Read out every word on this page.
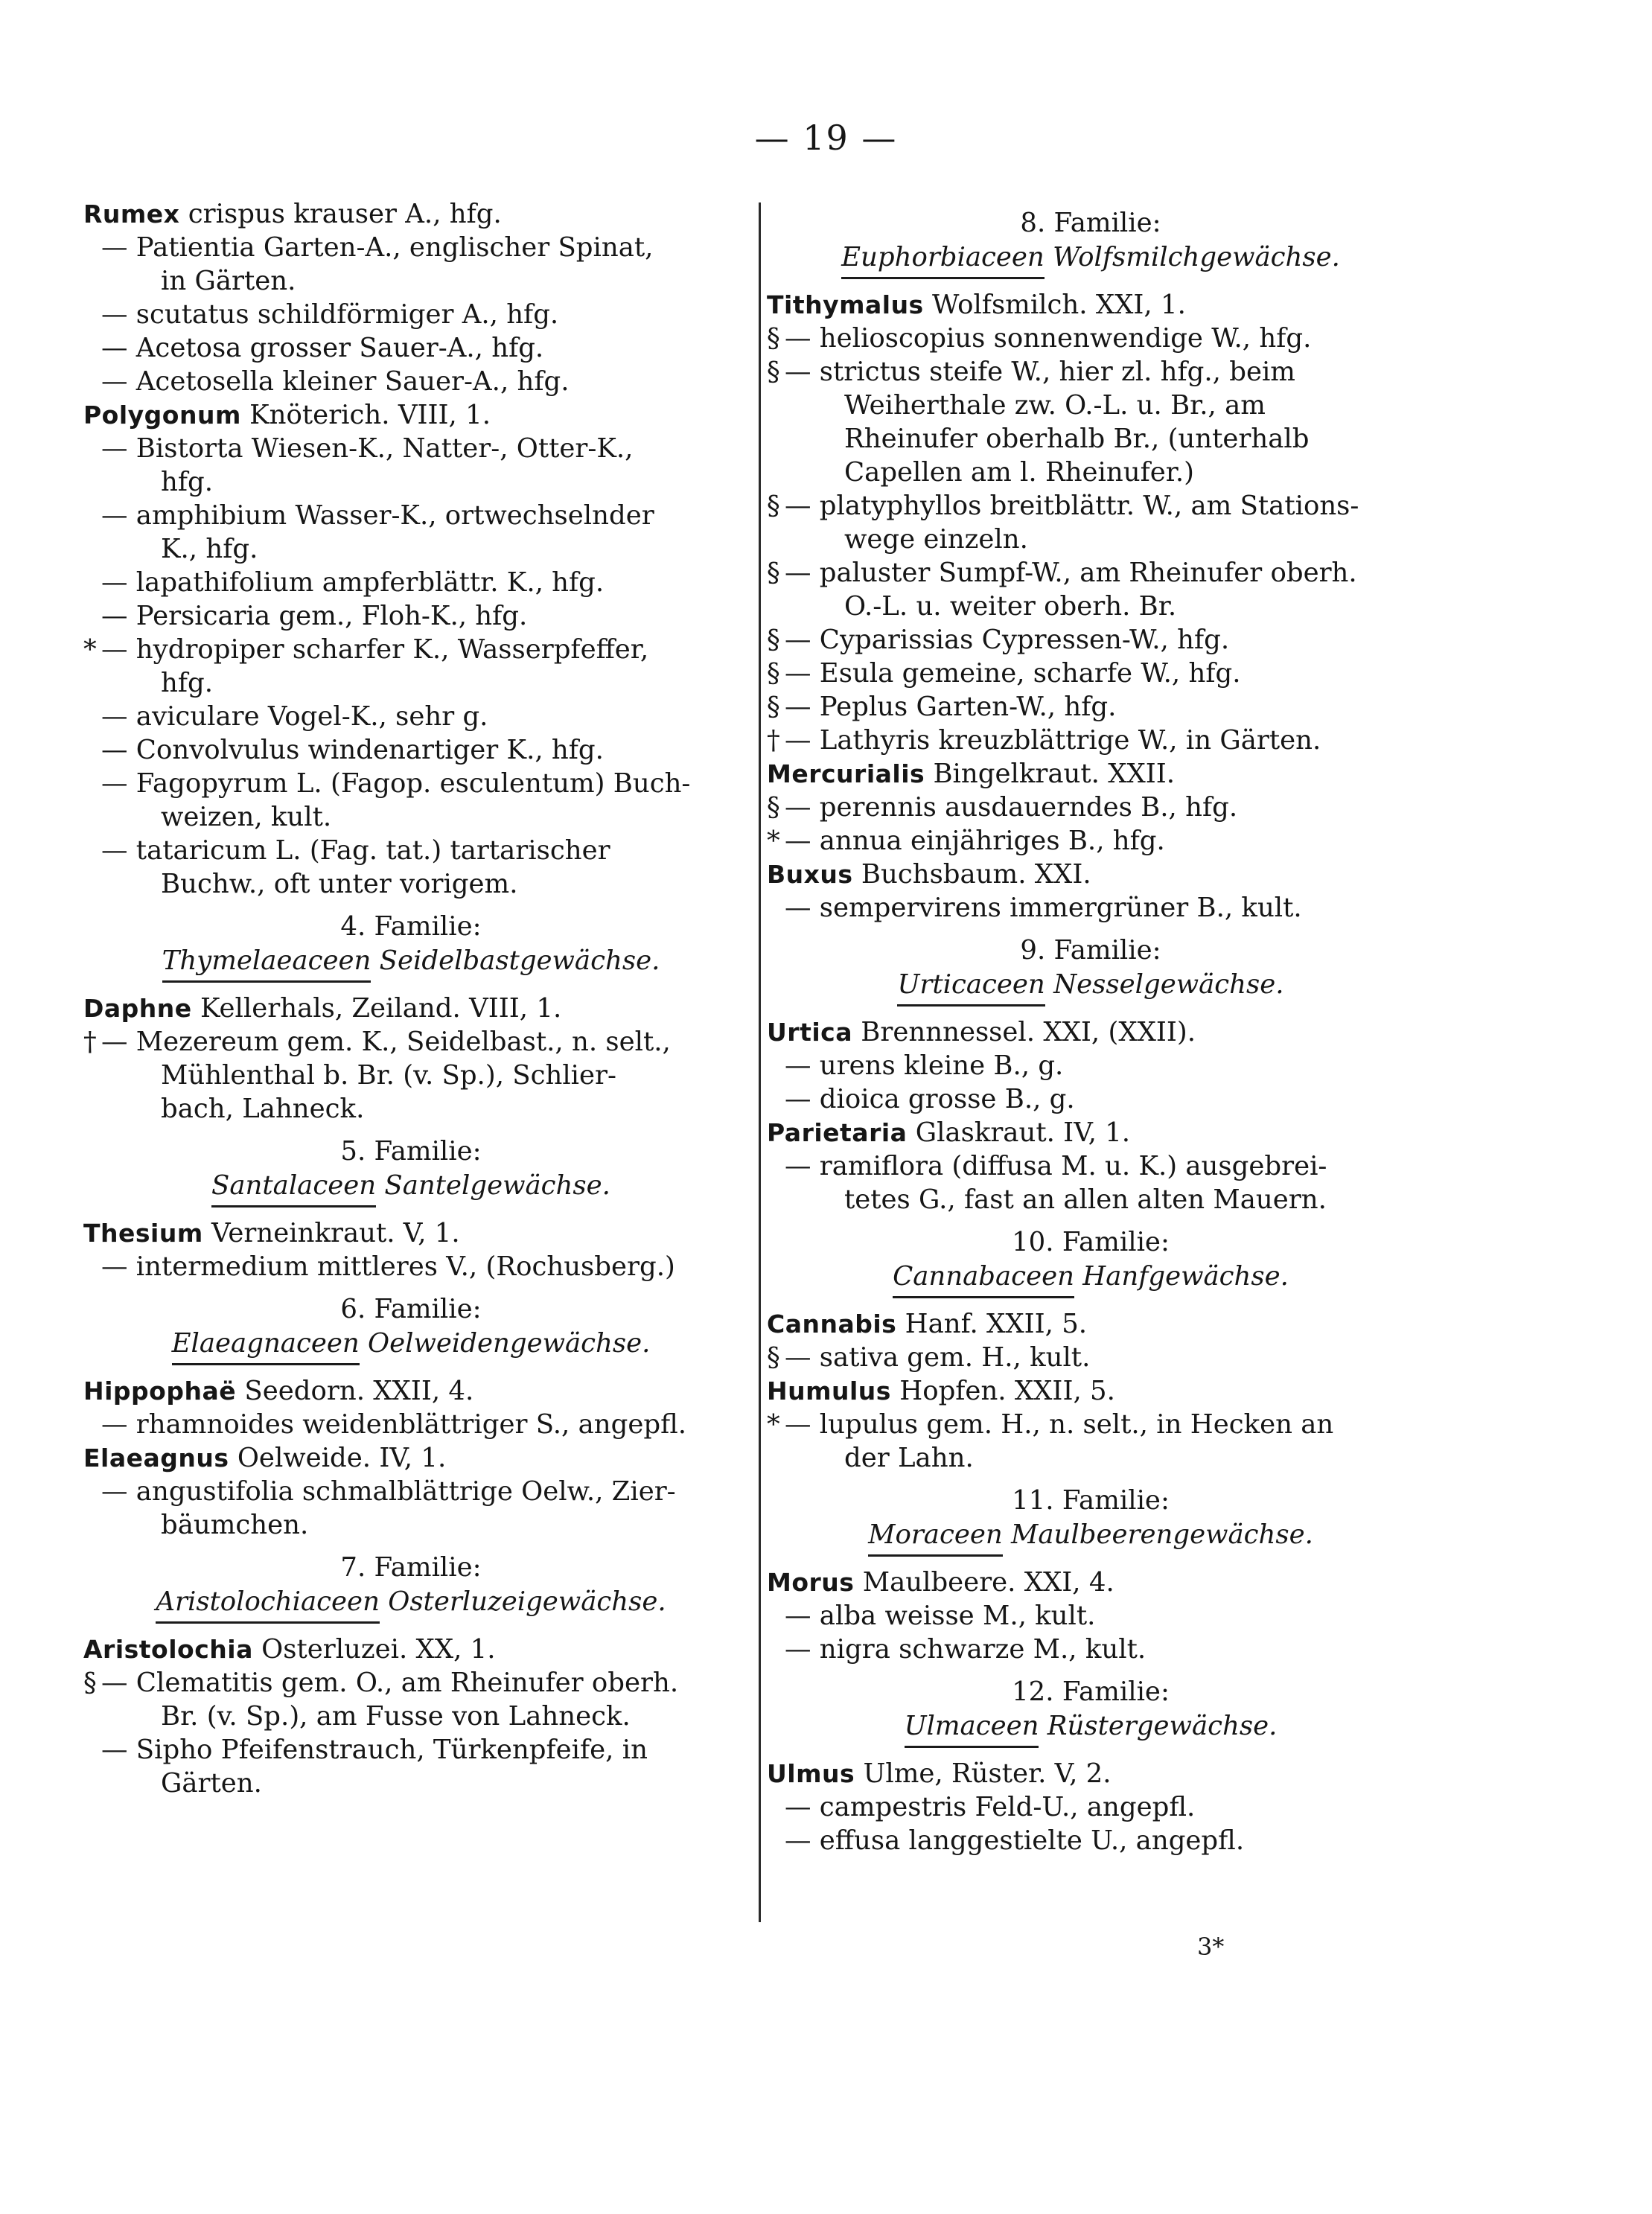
— 19 —
Rumex crispus krauser A., hfg.
— Patientia Garten-A., englischer Spinat,
in Gärten.
— scutatus schildförmiger A., hfg.
— Acetosa grosser Sauer-A., hfg.
— Acetosella kleiner Sauer-A., hfg.
Polygonum Knöterich. VIII, 1.
— Bistorta Wiesen-K., Natter-, Otter-K.,
hfg.
— amphibium Wasser-K., ortwechselnder
K., hfg.
— lapathifolium ampferblättr. K., hfg.
— Persicaria gem., Floh-K., hfg.
* — hydropiper scharfer K., Wasserpfeffer,
hfg.
— aviculare Vogel-K., sehr g.
— Convolvulus windenartiger K., hfg.
— Fagopyrum L. (Fagop. esculentum) Buch-
weizen, kult.
— tataricum L. (Fag. tat.) tartarischer
Buchw., oft unter vorigem.
4. Familie:
Thymelaeaceen Seidelbastgewächse.
Daphne Kellerhals, Zeiland. VIII, 1.
† — Mezereum gem. K., Seidelbast., n. selt.,
Mühlenthal b. Br. (v. Sp.), Schlier-
bach, Lahneck.
5. Familie:
Santalaceen Santelgewächse.
Thesium Verneinkraut. V, 1.
— intermedium mittleres V., (Rochusberg.)
6. Familie:
Elaeagnaceen Oelweidengewächse.
Hippophaë Seedorn. XXII, 4.
— rhamnoides weidenblättriger S., angepfl.
Elaeagnus Oelweide. IV, 1.
— angustifolia schmalblättrige Oelw., Zier-
bäumchen.
7. Familie:
Aristolochiaceen Osterluzeigewächse.
Aristolochia Osterluzei. XX, 1.
§ — Clematitis gem. O., am Rheinufer oberh.
Br. (v. Sp.), am Fusse von Lahneck.
— Sipho Pfeifenstrauch, Türkenpfeife, in
Gärten.
8. Familie:
Euphorbiaceen Wolfsmilchgewächse.
Tithymalus Wolfsmilch. XXI, 1.
§ — helioscopius sonnenwendige W., hfg.
§ — strictus steife W., hier zl. hfg., beim
Weiherthale zw. O.-L. u. Br., am
Rheinufer oberhalb Br., (unterhalb
Capellen am l. Rheinufer.)
§ — platyphyllos breitblättr. W., am Stations-
wege einzeln.
§ — paluster Sumpf-W., am Rheinufer oberh.
O.-L. u. weiter oberh. Br.
§ — Cyparissias Cypressen-W., hfg.
§ — Esula gemeine, scharfe W., hfg.
§ — Peplus Garten-W., hfg.
† — Lathyris kreuzblättrige W., in Gärten.
Mercurialis Bingelkraut. XXII.
§ — perennis ausdauerndes B., hfg.
* — annua einjähriges B., hfg.
Buxus Buchsbaum. XXI.
— sempervirens immergrüner B., kult.
9. Familie:
Urticaceen Nesselgewächse.
Urtica Brennnessel. XXI, (XXII).
— urens kleine B., g.
— dioica grosse B., g.
Parietaria Glaskraut. IV, 1.
— ramiflora (diffusa M. u. K.) ausgebrei-
tetes G., fast an allen alten Mauern.
10. Familie:
Cannabaceen Hanfgewächse.
Cannabis Hanf. XXII, 5.
§ — sativa gem. H., kult.
Humulus Hopfen. XXII, 5.
* — lupulus gem. H., n. selt., in Hecken an
der Lahn.
11. Familie:
Moraceen Maulbeerengewächse.
Morus Maulbeere. XXI, 4.
— alba weisse M., kult.
— nigra schwarze M., kult.
12. Familie:
Ulmaceen Rüstergewächse.
Ulmus Ulme, Rüster. V, 2.
— campestris Feld-U., angepfl.
— effusa langgestielte U., angepfl.
3*
